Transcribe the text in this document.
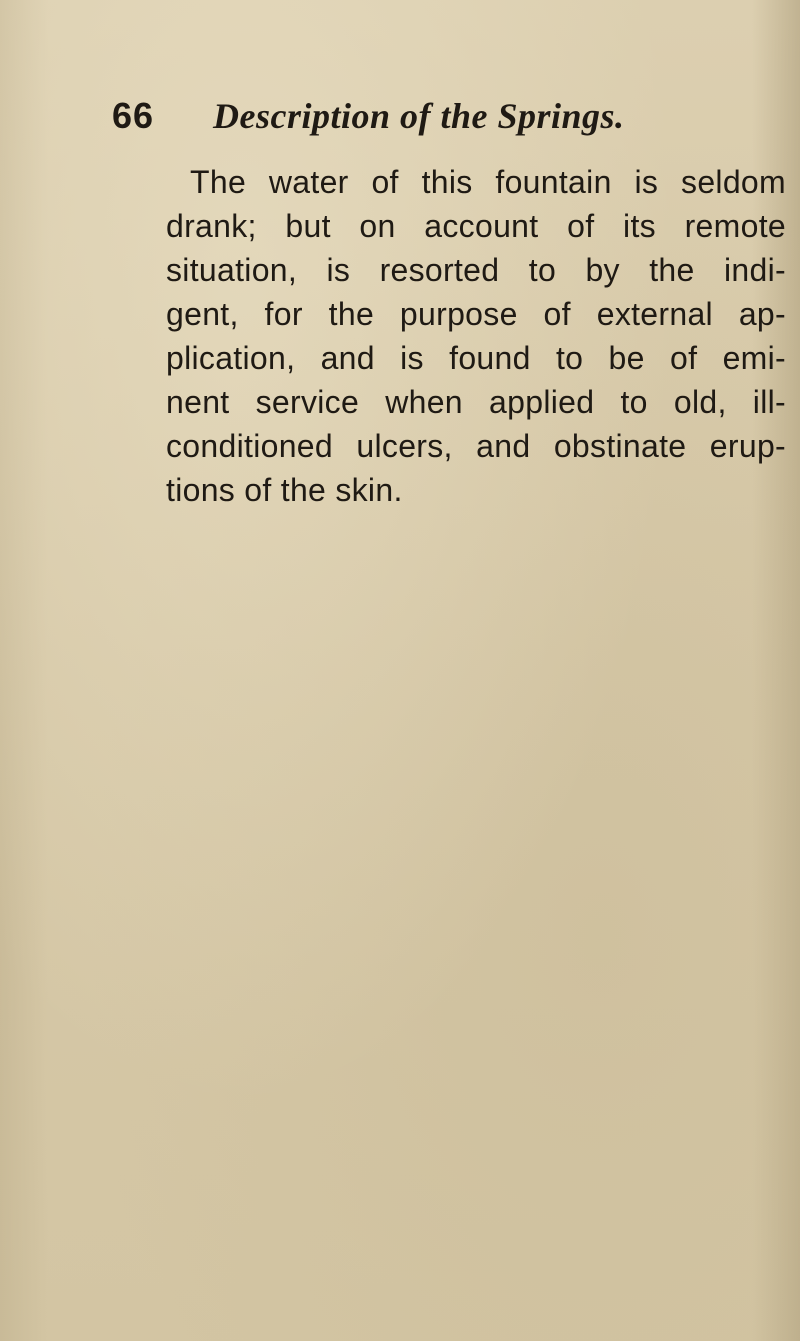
66 Description of the Springs.
The water of this fountain is seldom
drank; but on account of its remote
situation, is resorted to by the indi-
gent, for the purpose of external ap-
plication, and is found to be of emi-
nent service when applied to old, ill-
conditioned ulcers, and obstinate erup-
tions of the skin.
